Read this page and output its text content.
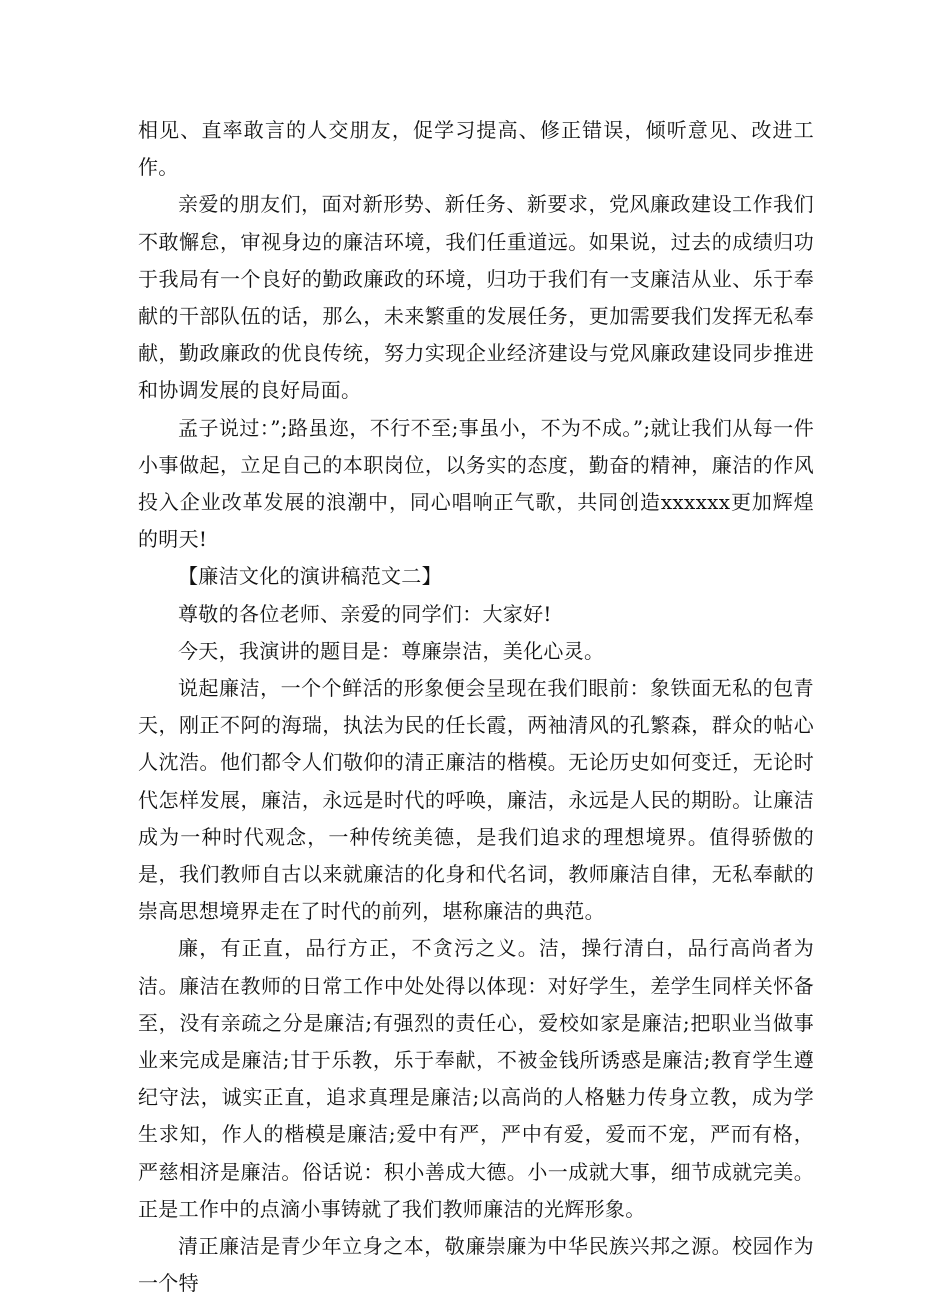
相见、直率敢言的人交朋友，促学习提高、修正错误，倾听意见、改进工作。

亲爱的朋友们，面对新形势、新任务、新要求，党风廉政建设工作我们不敢懈怠，审视身边的廉洁环境，我们任重道远。如果说，过去的成绩归功于我局有一个良好的勤政廉政的环境，归功于我们有一支廉洁从业、乐于奉献的干部队伍的话，那么，未来繁重的发展任务，更加需要我们发挥无私奉献，勤政廉政的优良传统，努力实现企业经济建设与党风廉政建设同步推进和协调发展的良好局面。

孟子说过：”;路虽迩，不行不至;事虽小，不为不成。”;就让我们从每一件小事做起，立足自己的本职岗位，以务实的态度，勤奋的精神，廉洁的作风投入企业改革发展的浪潮中，同心唱响正气歌，共同创造xxxxxx更加辉煌的明天!

【廉洁文化的演讲稿范文二】

尊敬的各位老师、亲爱的同学们：大家好!

今天，我演讲的题目是：尊廉崇洁，美化心灵。

说起廉洁，一个个鲜活的形象便会呈现在我们眼前：象铁面无私的包青天，刚正不阿的海瑞，执法为民的任长霞，两袖清风的孔繁森，群众的帖心人沈浩。他们都令人们敬仰的清正廉洁的楷模。无论历史如何变迁，无论时代怎样发展，廉洁，永远是时代的呼唤，廉洁，永远是人民的期盼。让廉洁成为一种时代观念，一种传统美德，是我们追求的理想境界。值得骄傲的是，我们教师自古以来就廉洁的化身和代名词，教师廉洁自律，无私奉献的崇高思想境界走在了时代的前列，堪称廉洁的典范。

廉，有正直，品行方正，不贪污之义。洁，操行清白，品行高尚者为洁。廉洁在教师的日常工作中处处得以体现：对好学生，差学生同样关怀备至，没有亲疏之分是廉洁;有强烈的责任心，爱校如家是廉洁;把职业当做事业来完成是廉洁;甘于乐教，乐于奉献，不被金钱所诱惑是廉洁;教育学生遵纪守法，诚实正直，追求真理是廉洁;以高尚的人格魅力传身立教，成为学生求知，作人的楷模是廉洁;爱中有严，严中有爱，爱而不宠，严而有格，严慈相济是廉洁。俗话说：积小善成大德。小一成就大事，细节成就完美。正是工作中的点滴小事铸就了我们教师廉洁的光辉形象。

清正廉洁是青少年立身之本，敬廉崇廉为中华民族兴邦之源。校园作为一个特
